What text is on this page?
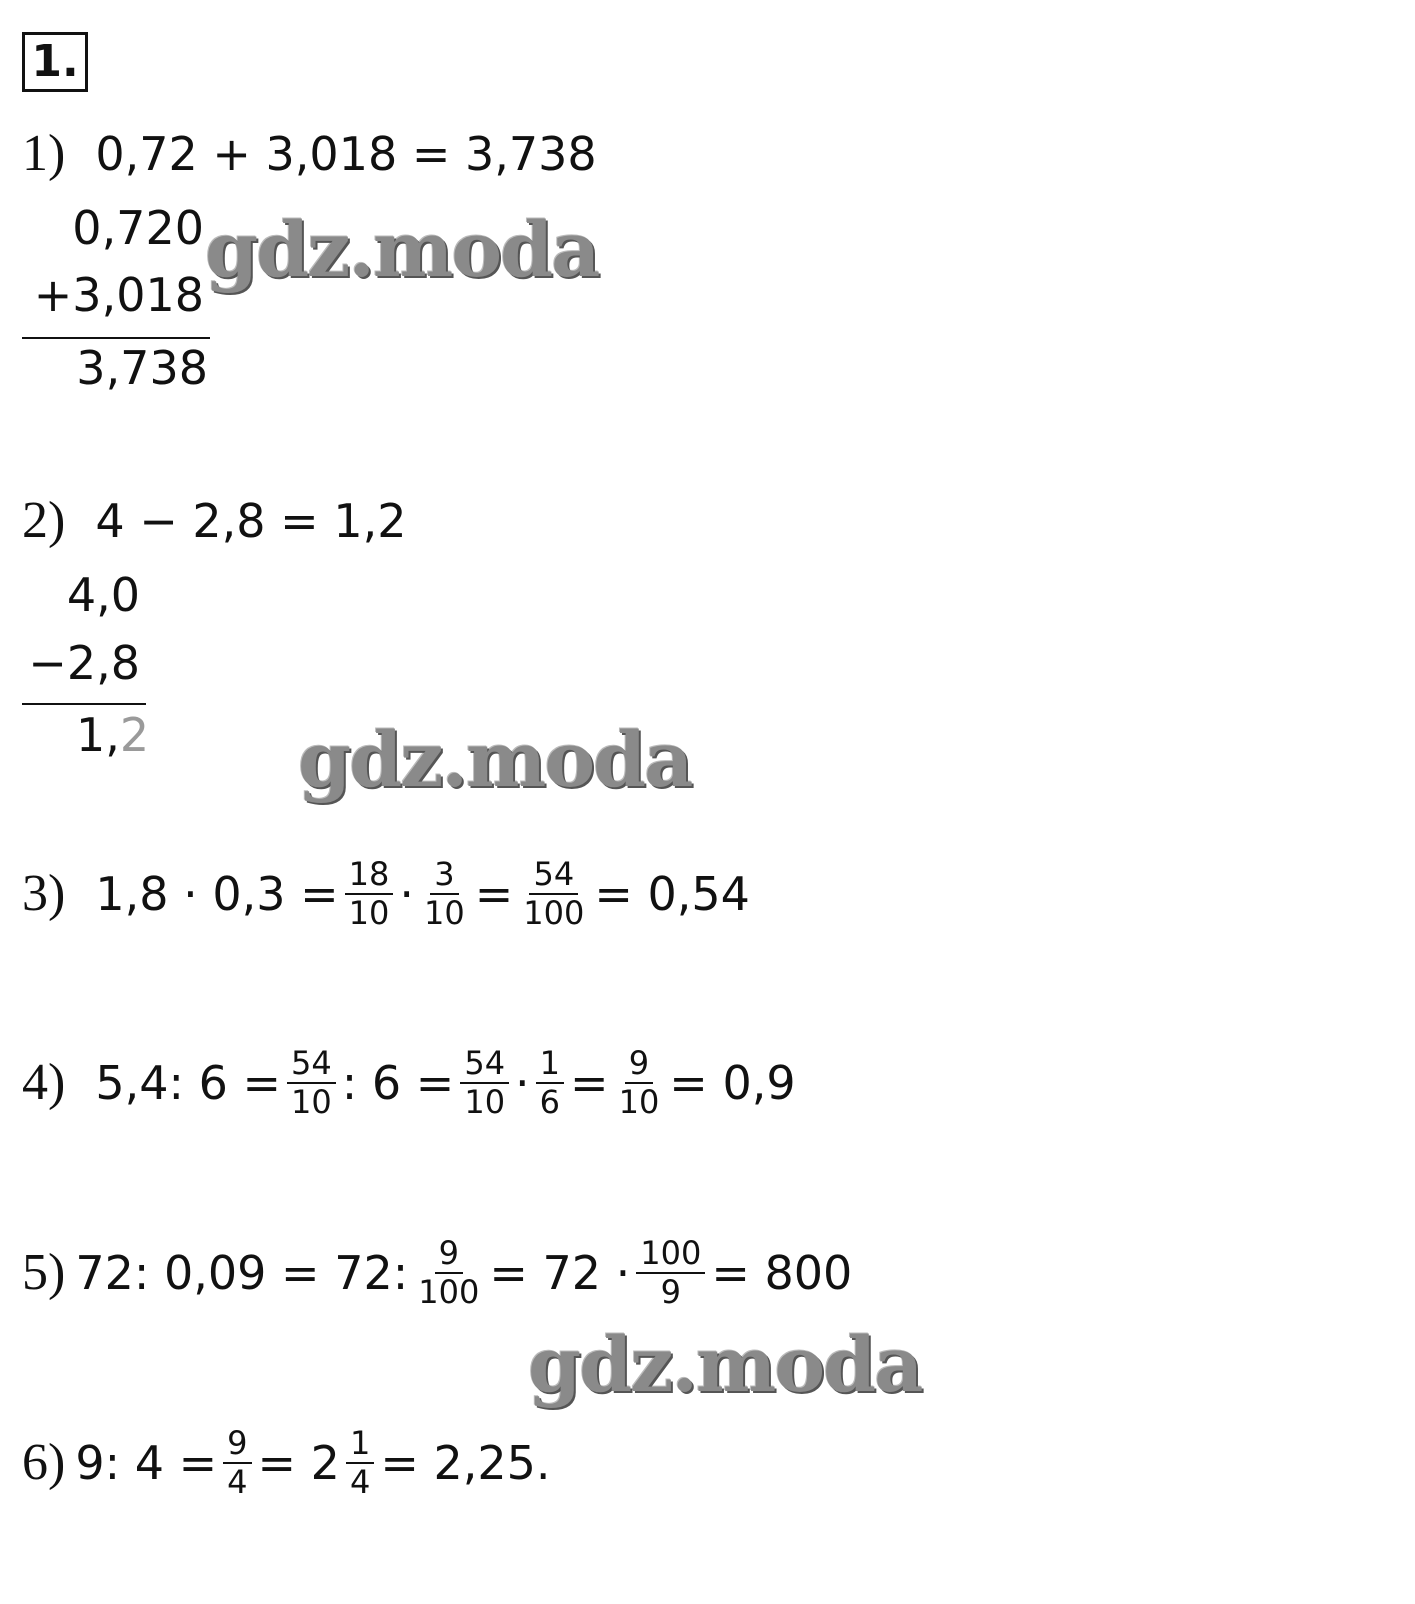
1.
1) 0,72 + 3,018 = 3,738
0,720
+3,018
3,738
2) 4 − 2,8 = 1,2
4,0
−2,8
1,2
3) $1,8 \cdot 0,3 = \frac{18}{10} \cdot \frac{3}{10} = \frac{54}{100} = 0,54$
4) 5,4: $6 = \frac{54}{10}$ : $6 = \frac{54}{10} \cdot \frac{1}{6} = \frac{9}{10} = 0,9$
5) 72: 0,09 = 72: $\frac{9}{100} = 72 \cdot \frac{100}{9} = 800$
6) 9: $4 = \frac{9}{4} = 2 \frac{1}{4} = 2,25$.
gdz.moda
gdz.moda
gdz.moda
